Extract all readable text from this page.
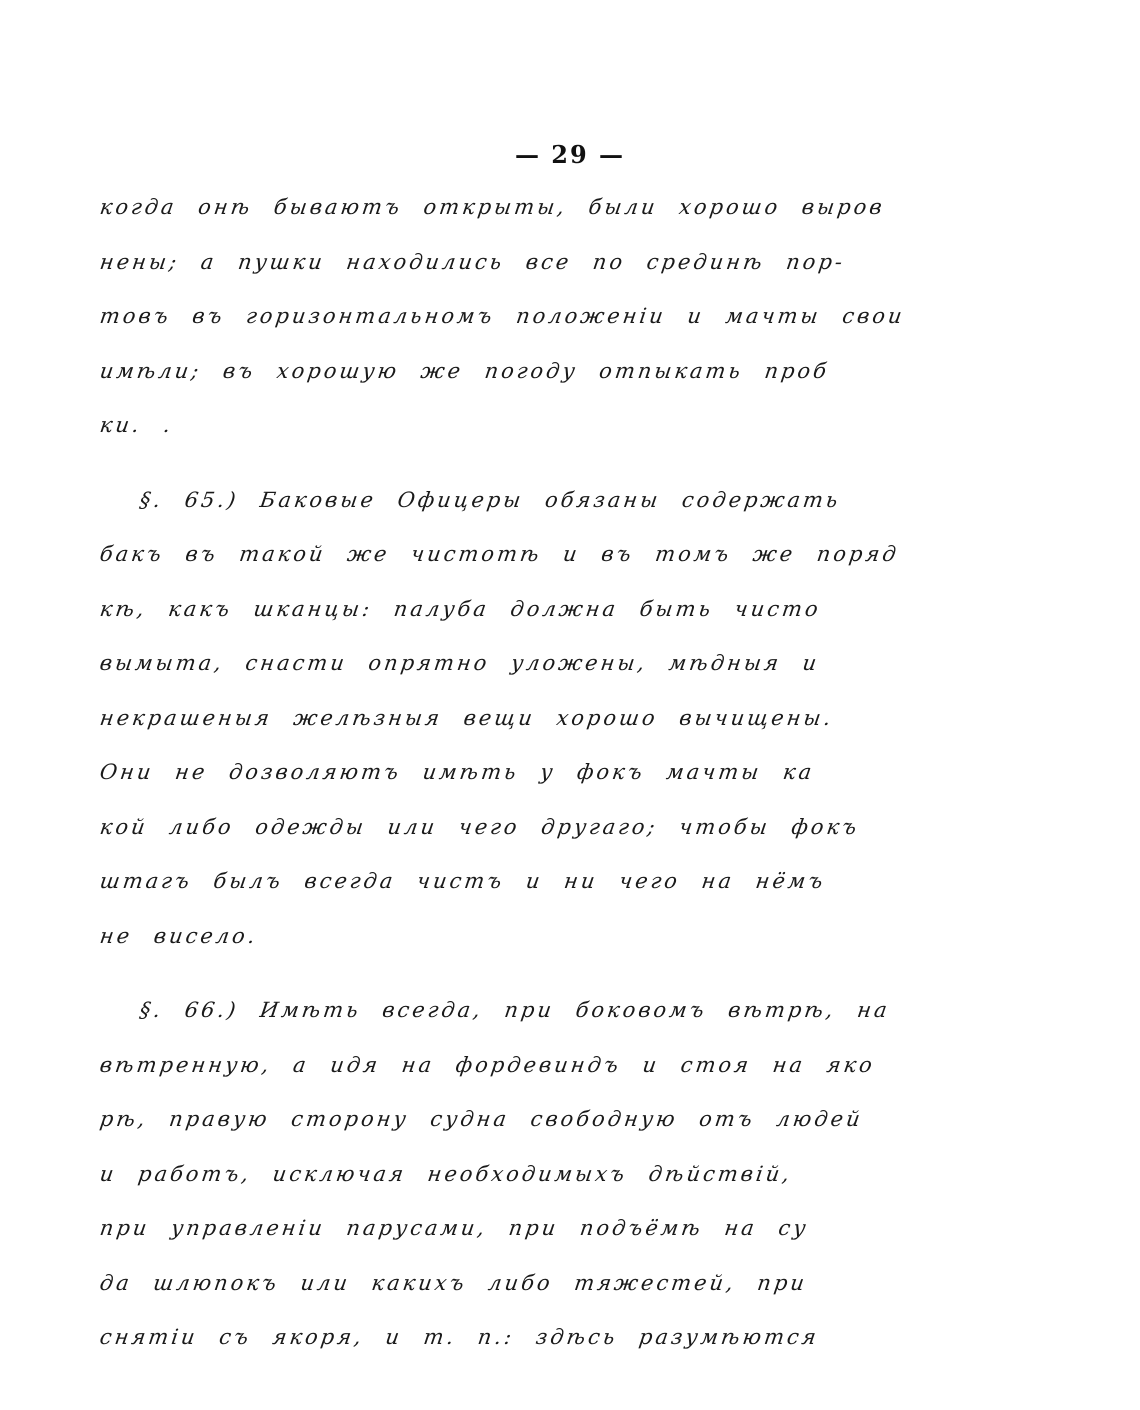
— 29 —
когда онѣ бываютъ открыты, были хорошо выров
нены; а пушки находились все по срединѣ пор-
товъ въ горизонтальномъ положеніи и мачты свои
имѣли; въ хорошую же погоду отпыкать проб
ки. .
§. 65.) Баковые Офицеры обязаны содержать
бакъ въ такой же чистотѣ и въ томъ же поряд
кѣ, какъ шканцы: палуба должна быть чисто
вымыта, снасти опрятно уложены, мѣдныя и
некрашеныя желѣзныя вещи хорошо вычищены.
Они не дозволяютъ имѣть у фокъ мачты ка
кой либо одежды или чего другаго; чтобы фокъ
штагъ былъ всегда чистъ и ни чего на нёмъ
не висело.
§. 66.) Имѣть всегда, при боковомъ вѣтрѣ, на
вѣтренную, а идя на фордевиндъ и стоя на яко
рѣ, правую сторону судна свободную отъ людей
и работъ, исключая необходимыхъ дѣйствій,
при управленіи парусами, при подъёмѣ на су
да шлюпокъ или какихъ либо тяжестей, при
снятіи съ якоря, и т. п.: здѣсь разумѣются
